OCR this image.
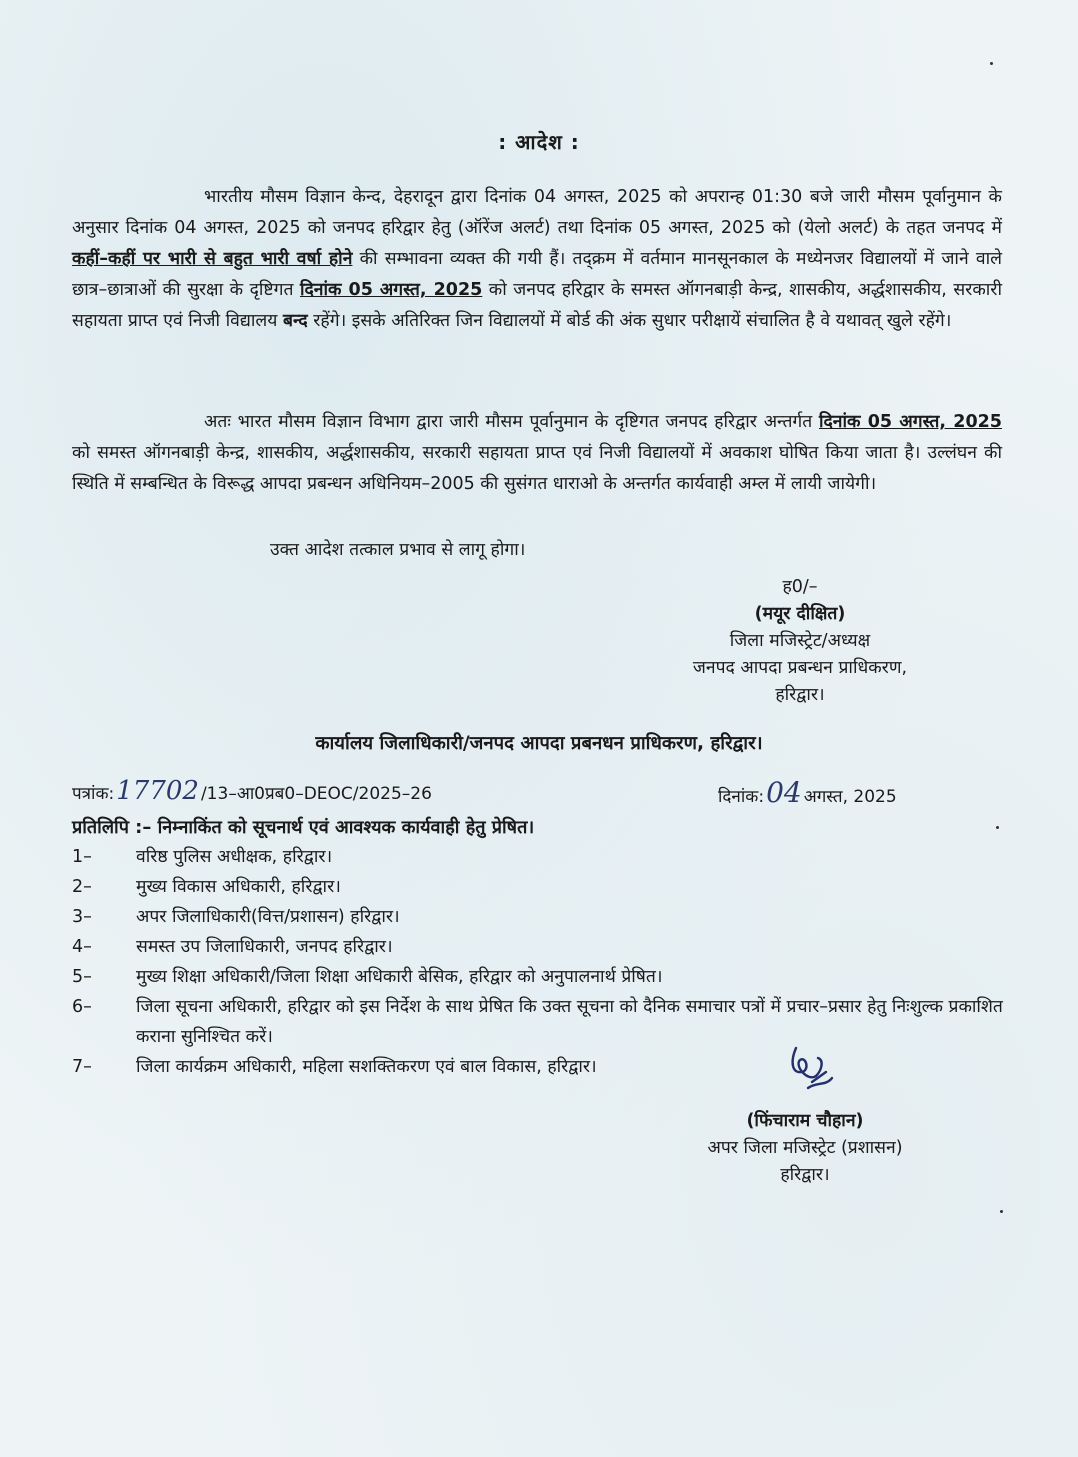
: आदेश :

भारतीय मौसम विज्ञान केन्द, देहरादून द्वारा दिनांक 04 अगस्त, 2025 को अपरान्ह 01:30 बजे जारी मौसम पूर्वानुमान के अनुसार दिनांक 04 अगस्त, 2025 को जनपद हरिद्वार हेतु (ऑरेंज अलर्ट) तथा दिनांक 05 अगस्त, 2025 को (येलो अलर्ट) के तहत जनपद में कहीं–कहीं पर भारी से बहुत भारी वर्षा होने की सम्भावना व्यक्त की गयी हैं। तद्क्रम में वर्तमान मानसूनकाल के मध्येनजर विद्यालयों में जाने वाले छात्र–छात्राओं की सुरक्षा के दृष्टिगत दिनांक 05 अगस्त, 2025 को जनपद हरिद्वार के समस्त ऑगनबाड़ी केन्द्र, शासकीय, अर्द्धशासकीय, सरकारी सहायता प्राप्त एवं निजी विद्यालय बन्द रहेंगे। इसके अतिरिक्त जिन विद्यालयों में बोर्ड की अंक सुधार परीक्षायें संचालित है वे यथावत् खुले रहेंगे।

अतः भारत मौसम विज्ञान विभाग द्वारा जारी मौसम पूर्वानुमान के दृष्टिगत जनपद हरिद्वार अन्तर्गत दिनांक 05 अगस्त, 2025 को समस्त ऑगनबाड़ी केन्द्र, शासकीय, अर्द्धशासकीय, सरकारी सहायता प्राप्त एवं निजी विद्यालयों में अवकाश घोषित किया जाता है। उल्लंघन की स्थिति में सम्बन्धित के विरूद्ध आपदा प्रबन्धन अधिनियम–2005 की सुसंगत धाराओ के अन्तर्गत कार्यवाही अम्ल में लायी जायेगी।

उक्त आदेश तत्काल प्रभाव से लागू होगा।

ह0/–
(मयूर दीक्षित)
जिला मजिस्ट्रेट/अध्यक्ष
जनपद आपदा प्रबन्धन प्राधिकरण,
हरिद्वार।
कार्यालय जिलाधिकारी/जनपद आपदा प्रबनधन प्राधिकरण, हरिद्वार।
पत्रांक:17702 /13–आ0प्रब0–DEOC/2025–26	दिनांक:04 अगस्त, 2025
प्रतिलिपि :– निम्नाकिंत को सूचनार्थ एवं आवश्यक कार्यवाही हेतु प्रेषित।
1–	वरिष्ठ पुलिस अधीक्षक, हरिद्वार।
2–	मुख्य विकास अधिकारी, हरिद्वार।
3–	अपर जिलाधिकारी(वित्त/प्रशासन) हरिद्वार।
4–	समस्त उप जिलाधिकारी, जनपद हरिद्वार।
5–	मुख्य शिक्षा अधिकारी/जिला शिक्षा अधिकारी बेसिक, हरिद्वार को अनुपालनार्थ प्रेषित।
6–	जिला सूचना अधिकारी, हरिद्वार को इस निर्देश के साथ प्रेषित कि उक्त सूचना को दैनिक समाचार पत्रों में प्रचार–प्रसार हेतु निःशुल्क प्रकाशित कराना सुनिश्चित करें।
7–	जिला कार्यक्रम अधिकारी, महिला सशक्तिकरण एवं बाल विकास, हरिद्वार।
(फिंचाराम चौहान)
अपर जिला मजिस्ट्रेट (प्रशासन)
हरिद्वार।
